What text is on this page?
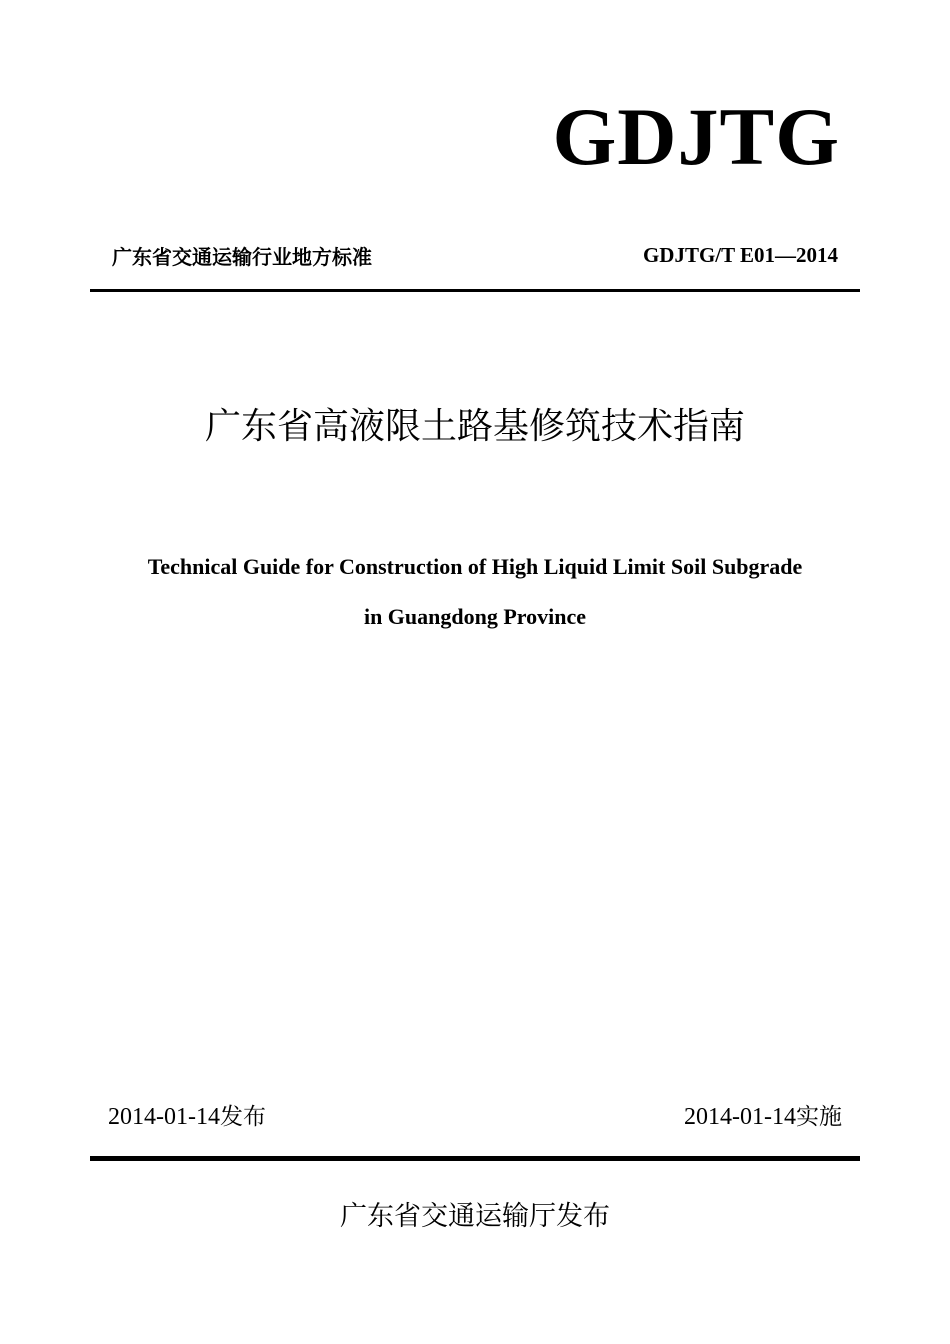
GDJTG
广东省交通运输行业地方标准	GDJTG/T E01—2014
广东省高液限土路基修筑技术指南
Technical Guide for Construction of High Liquid Limit Soil Subgrade
in Guangdong Province
2014-01-14发布	2014-01-14实施
广东省交通运输厅发布
